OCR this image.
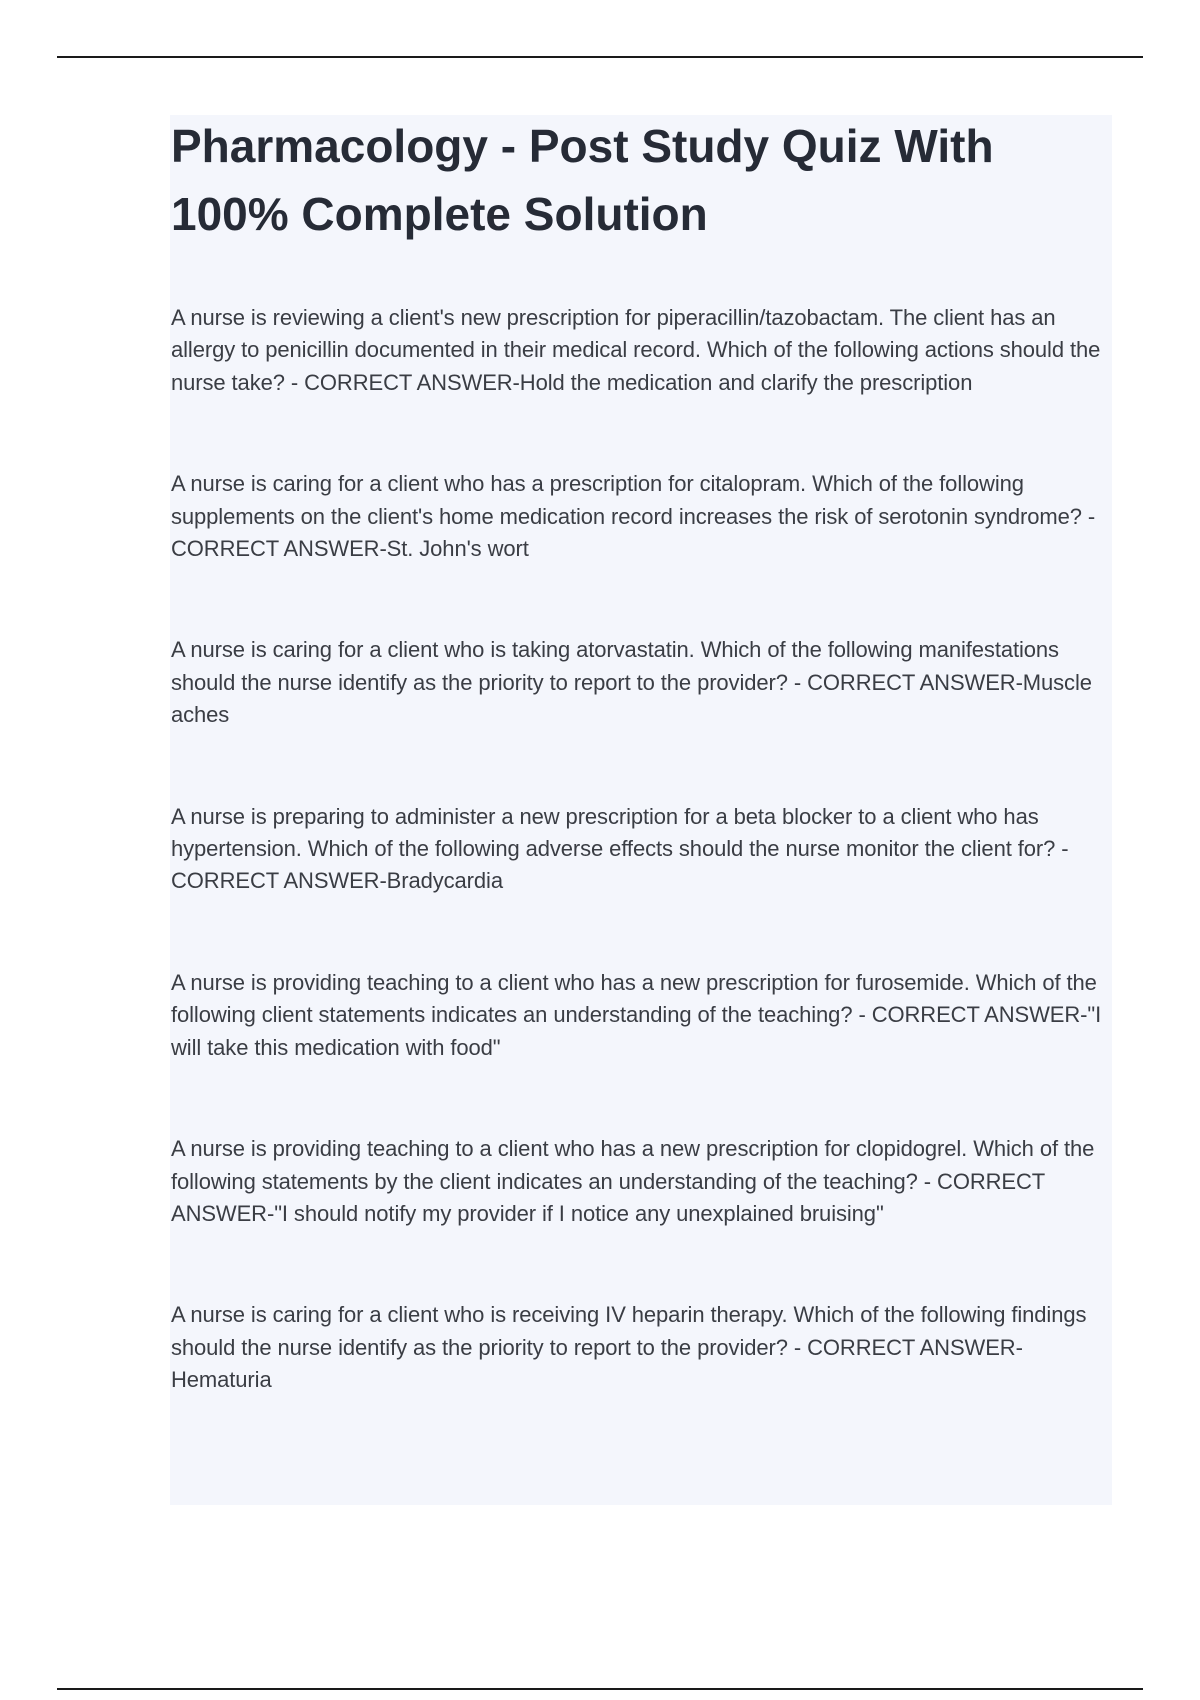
Pharmacology - Post Study Quiz With 100% Complete Solution
A nurse is reviewing a client's new prescription for piperacillin/tazobactam. The client has an allergy to penicillin documented in their medical record. Which of the following actions should the nurse take? - CORRECT ANSWER-Hold the medication and clarify the prescription
A nurse is caring for a client who has a prescription for citalopram. Which of the following supplements on the client's home medication record increases the risk of serotonin syndrome? - CORRECT ANSWER-St. John's wort
A nurse is caring for a client who is taking atorvastatin. Which of the following manifestations should the nurse identify as the priority to report to the provider? - CORRECT ANSWER-Muscle aches
A nurse is preparing to administer a new prescription for a beta blocker to a client who has hypertension. Which of the following adverse effects should the nurse monitor the client for? - CORRECT ANSWER-Bradycardia
A nurse is providing teaching to a client who has a new prescription for furosemide. Which of the following client statements indicates an understanding of the teaching? - CORRECT ANSWER-"I will take this medication with food"
A nurse is providing teaching to a client who has a new prescription for clopidogrel. Which of the following statements by the client indicates an understanding of the teaching? - CORRECT ANSWER-"I should notify my provider if I notice any unexplained bruising"
A nurse is caring for a client who is receiving IV heparin therapy. Which of the following findings should the nurse identify as the priority to report to the provider? - CORRECT ANSWER-Hematuria
